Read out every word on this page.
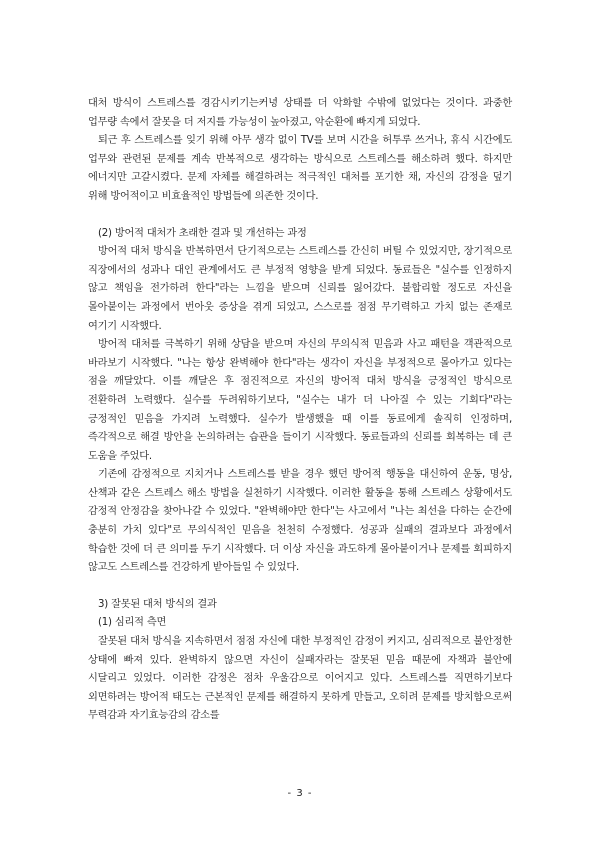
대처 방식이 스트레스를 경감시키기는커녕 상태를 더 악화할 수밖에 없었다는 것이다. 과중한 업무량 속에서 잘못을 더 저지를 가능성이 높아졌고, 악순환에 빠지게 되었다.

퇴근 후 스트레스를 잊기 위해 아무 생각 없이 TV를 보며 시간을 허투루 쓰거나, 휴식 시간에도 업무와 관련된 문제를 계속 반복적으로 생각하는 방식으로 스트레스를 해소하려 했다. 하지만 에너지만 고갈시켰다. 문제 자체를 해결하려는 적극적인 대처를 포기한 채, 자신의 감정을 덮기 위해 방어적이고 비효율적인 방법들에 의존한 것이다.

(2) 방어적 대처가 초래한 결과 및 개선하는 과정

방어적 대처 방식을 반복하면서 단기적으로는 스트레스를 간신히 버틸 수 있었지만, 장기적으로 직장에서의 성과나 대인 관계에서도 큰 부정적 영향을 받게 되었다. 동료들은 "실수를 인정하지 않고 책임을 전가하려 한다"라는 느낌을 받으며 신뢰를 잃어갔다. 불합리할 정도로 자신을 몰아붙이는 과정에서 번아웃 증상을 겪게 되었고, 스스로를 점점 무기력하고 가치 없는 존재로 여기기 시작했다.

방어적 대처를 극복하기 위해 상담을 받으며 자신의 무의식적 믿음과 사고 패턴을 객관적으로 바라보기 시작했다. "나는 항상 완벽해야 한다"라는 생각이 자신을 부정적으로 몰아가고 있다는 점을 깨달았다. 이를 깨달은 후 점진적으로 자신의 방어적 대처 방식을 긍정적인 방식으로 전환하려 노력했다. 실수를 두려워하기보다, "실수는 내가 더 나아질 수 있는 기회다"라는 긍정적인 믿음을 가지려 노력했다. 실수가 발생했을 때 이를 동료에게 솔직히 인정하며, 즉각적으로 해결 방안을 논의하려는 습관을 들이기 시작했다. 동료들과의 신뢰를 회복하는 데 큰 도움을 주었다.

기존에 감정적으로 지치거나 스트레스를 받을 경우 했던 방어적 행동을 대신하여 운동, 명상, 산책과 같은 스트레스 해소 방법을 실천하기 시작했다. 이러한 활동을 통해 스트레스 상황에서도 감정적 안정감을 찾아나갈 수 있었다. "완벽해야만 한다"는 사고에서 "나는 최선을 다하는 순간에 충분히 가치 있다"로 무의식적인 믿음을 천천히 수정했다. 성공과 실패의 결과보다 과정에서 학습한 것에 더 큰 의미를 두기 시작했다. 더 이상 자신을 과도하게 몰아붙이거나 문제를 회피하지 않고도 스트레스를 건강하게 받아들일 수 있었다.

3) 잘못된 대처 방식의 결과
(1) 심리적 측면

잘못된 대처 방식을 지속하면서 점점 자신에 대한 부정적인 감정이 커지고, 심리적으로 불안정한 상태에 빠져 있다. 완벽하지 않으면 자신이 실패자라는 잘못된 믿음 때문에 자책과 불안에 시달리고 있었다. 이러한 감정은 점차 우울감으로 이어지고 있다. 스트레스를 직면하기보다 외면하려는 방어적 태도는 근본적인 문제를 해결하지 못하게 만들고, 오히려 문제를 방치함으로써 무력감과 자기효능감의 감소를

- 3 -
